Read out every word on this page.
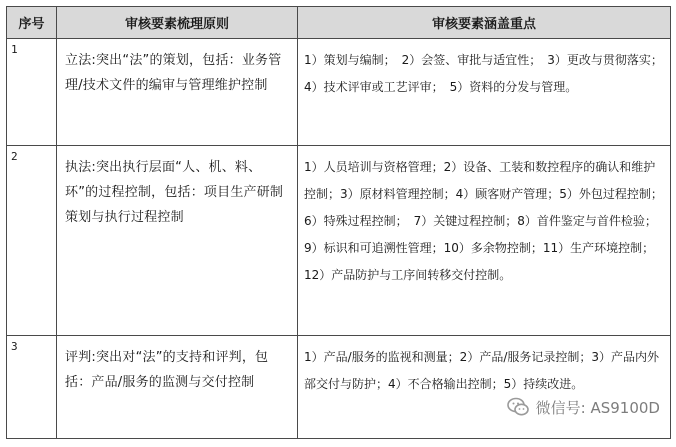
序号	审核要素梳理原则	审核要素涵盖重点

1	立法:突出“法”的策划，包括：业务管理/技术文件的编审与管理维护控制	1）策划与编制；　2）会签、审批与适宜性；　3）更改与贯彻落实；4）技术评审或工艺评审；　5）资料的分发与管理。

2	执法:突出执行层面“人、机、料、环”的过程控制，包括：项目生产研制策划与执行过程控制	1）人员培训与资格管理；2）设备、工装和数控程序的确认和维护控制；3）原材料管理控制；4）顾客财产管理；5）外包过程控制；6）特殊过程控制；　7）关键过程控制；8）首件鉴定与首件检验；　9）标识和可追溯性管理；10）多余物控制；11）生产环境控制；12）产品防护与工序间转移交付控制。

3	评判:突出对“法”的支持和评判，包括：产品/服务的监测与交付控制	1）产品/服务的监视和测量；2）产品/服务记录控制；3）产品内外部交付与防护；4）不合格输出控制；5）持续改进。
微信号: AS9100D
